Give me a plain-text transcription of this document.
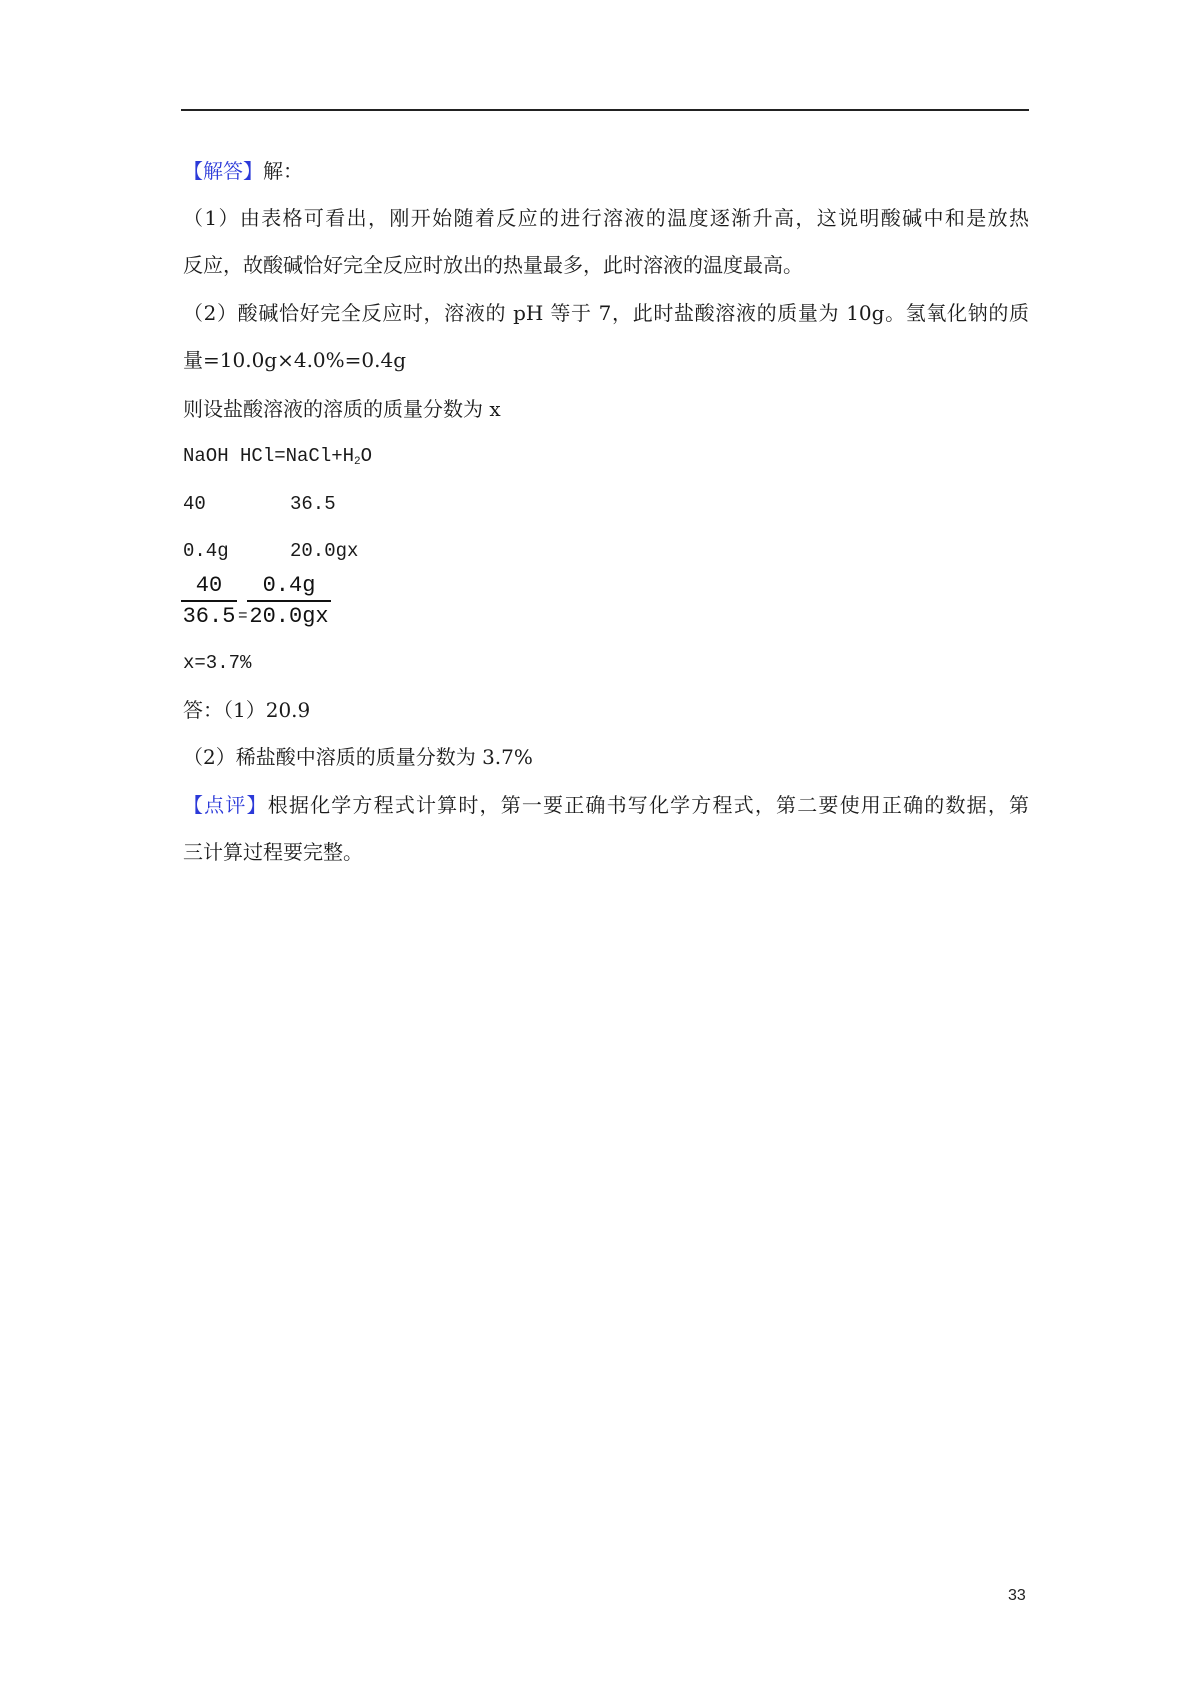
【解答】解：
（1）由表格可看出，刚开始随着反应的进行溶液的温度逐渐升高，这说明酸碱中和是放热
反应，故酸碱恰好完全反应时放出的热量最多，此时溶液的温度最高。
（2）酸碱恰好完全反应时，溶液的 pH 等于 7，此时盐酸溶液的质量为 10g。氢氧化钠的质
量=10.0g×4.0%=0.4g
则设盐酸溶液的溶质的质量分数为 x
NaOH $HCl=NaCl+H_2O$
40	36.5
0.4g	20.0gx
40
36.5 =
0.4g
20.0gx
x=3.7%
答：（1）20.9
（2）稀盐酸中溶质的质量分数为 3.7%
【点评】根据化学方程式计算时，第一要正确书写化学方程式，第二要使用正确的数据，第
三计算过程要完整。
33
